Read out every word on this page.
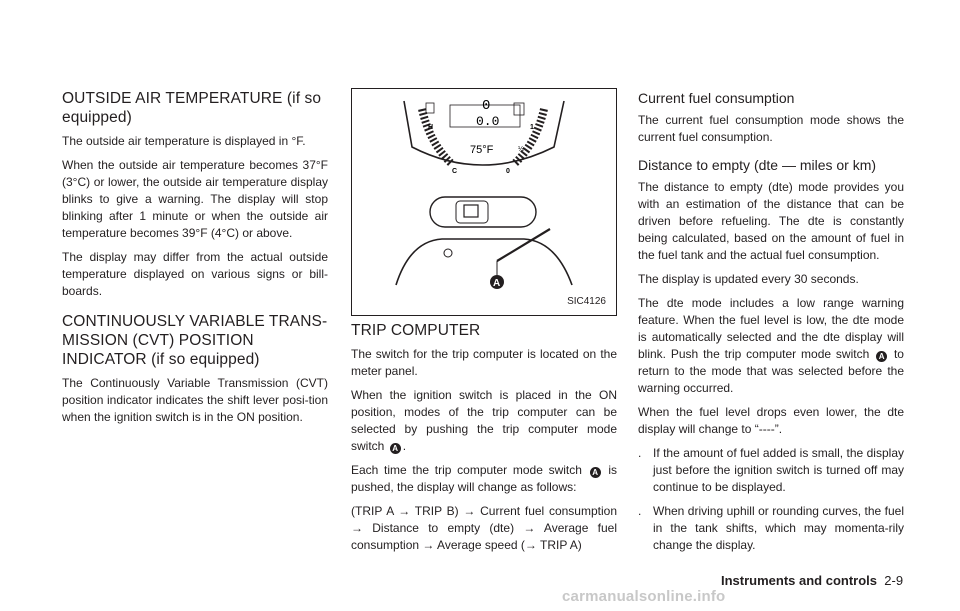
OUTSIDE AIR TEMPERATURE (if so equipped)

The outside air temperature is displayed in °F.

When the outside air temperature becomes 37°F (3°C) or lower, the outside air temperature display blinks to give a warning. The display will stop blinking after 1 minute or when the outside air temperature becomes 39°F (4°C) or above.

The display may differ from the actual outside temperature displayed on various signs or bill-boards.

CONTINUOUSLY VARIABLE TRANS-MISSION (CVT) POSITION INDICATOR (if so equipped)

The Continuously Variable Transmission (CVT) position indicator indicates the shift lever posi-tion when the ignition switch is in the ON position.

0
0.0
75°F
H
C
1
0
½
A
SIC4126
TRIP COMPUTER

The switch for the trip computer is located on the meter panel.

When the ignition switch is placed in the ON position, modes of the trip computer can be selected by pushing the trip computer mode switch A .

Each time the trip computer mode switch A is pushed, the display will change as follows:

(TRIP A → TRIP B) → Current fuel consumption → Distance to empty (dte) → Average fuel consumption → Average speed (→ TRIP A)

Current fuel consumption

The current fuel consumption mode shows the current fuel consumption.

Distance to empty (dte — miles or km)

The distance to empty (dte) mode provides you with an estimation of the distance that can be driven before refueling. The dte is constantly being calculated, based on the amount of fuel in the fuel tank and the actual fuel consumption.

The display is updated every 30 seconds.

The dte mode includes a low range warning feature. When the fuel level is low, the dte mode is automatically selected and the dte display will blink. Push the trip computer mode switch A to return to the mode that was selected before the warning occurred.

When the fuel level drops even lower, the dte display will change to “----”.

. If the amount of fuel added is small, the display just before the ignition switch is turned off may continue to be displayed.

. When driving uphill or rounding curves, the fuel in the tank shifts, which may momenta-rily change the display.

Instruments and controls 2-9
carmanualsonline.info
